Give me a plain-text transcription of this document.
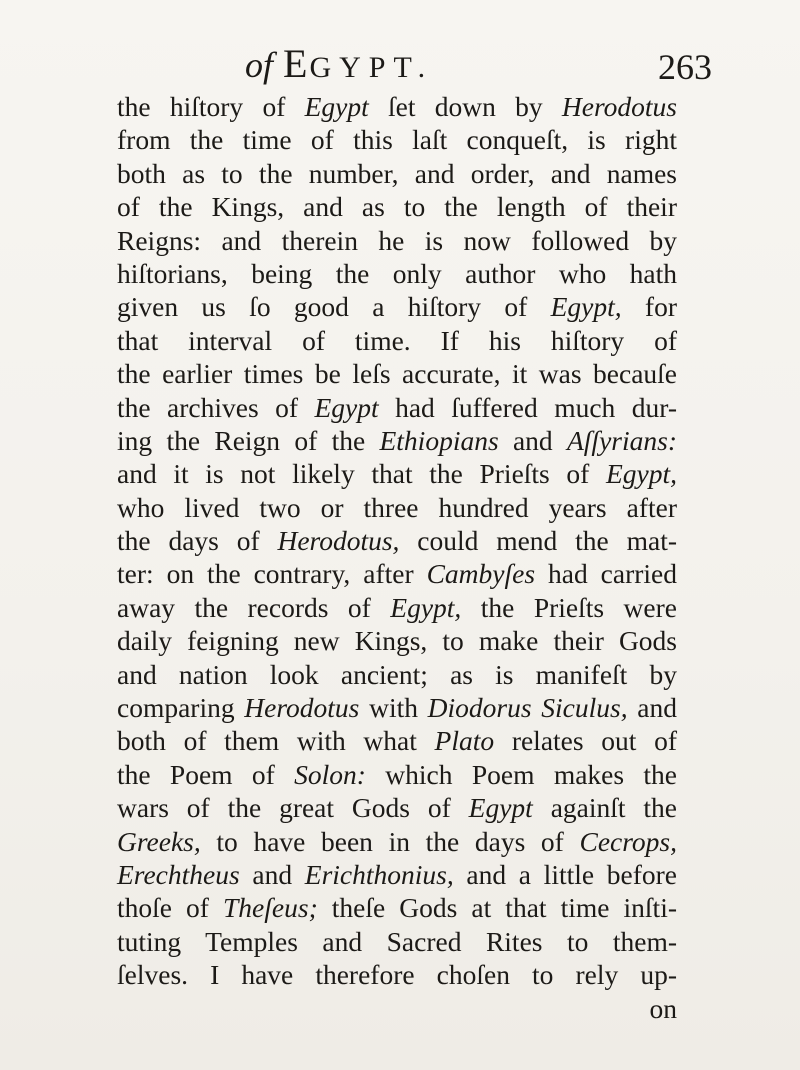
of EGYPT.	263
the hiſtory of Egypt ſet down by Herodotus
from the time of this laſt conqueſt, is right
both as to the number, and order, and names
of the Kings, and as to the length of their
Reigns: and therein he is now followed by
hiſtorians, being the only author who hath
given us ſo good a hiſtory of Egypt, for
that interval of time. If his hiſtory of
the earlier times be leſs accurate, it was becauſe
the archives of Egypt had ſuffered much dur-
ing the Reign of the Ethiopians and Aſſyrians:
and it is not likely that the Prieſts of Egypt,
who lived two or three hundred years after
the days of Herodotus, could mend the mat-
ter: on the contrary, after Cambyſes had carried
away the records of Egypt, the Prieſts were
daily feigning new Kings, to make their Gods
and nation look ancient; as is manifeſt by
comparing Herodotus with Diodorus Siculus, and
both of them with what Plato relates out of
the Poem of Solon: which Poem makes the
wars of the great Gods of Egypt againſt the
Greeks, to have been in the days of Cecrops,
Erechtheus and Erichthonius, and a little before
thoſe of Theſeus; theſe Gods at that time inſti-
tuting Temples and Sacred Rites to them-
ſelves. I have therefore choſen to rely up-
on
